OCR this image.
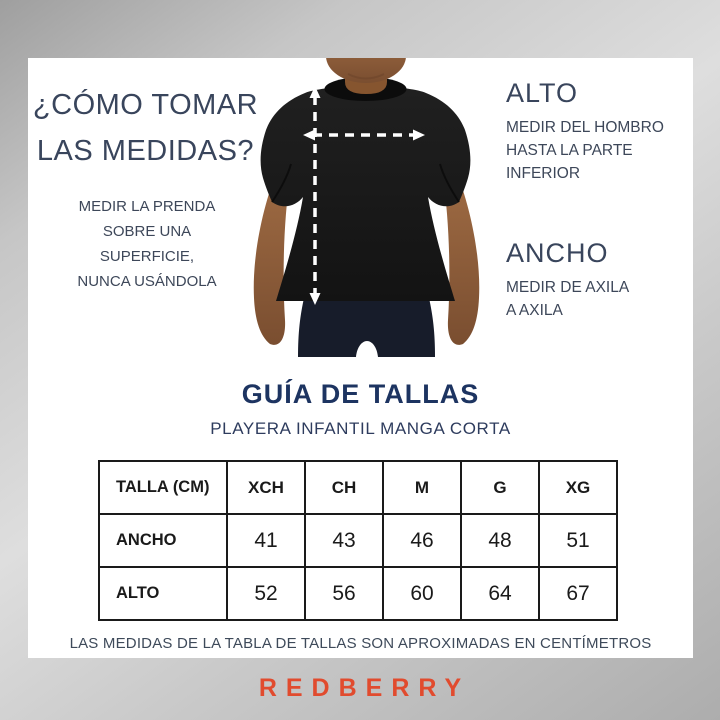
¿CÓMO TOMAR
LAS MEDIDAS?
MEDIR LA PRENDA
SOBRE UNA
SUPERFICIE,
NUNCA USÁNDOLA
ALTO
MEDIR DEL HOMBRO
HASTA LA PARTE
INFERIOR
ANCHO
MEDIR DE AXILA
A AXILA
GUÍA DE TALLAS
PLAYERA INFANTIL MANGA CORTA
TALLA (CM)	XCH	CH	M	G	XG
ANCHO	41	43	46	48	51
ALTO	52	56	60	64	67
LAS MEDIDAS DE LA TABLA DE TALLAS SON APROXIMADAS EN CENTÍMETROS
REDBERRY
